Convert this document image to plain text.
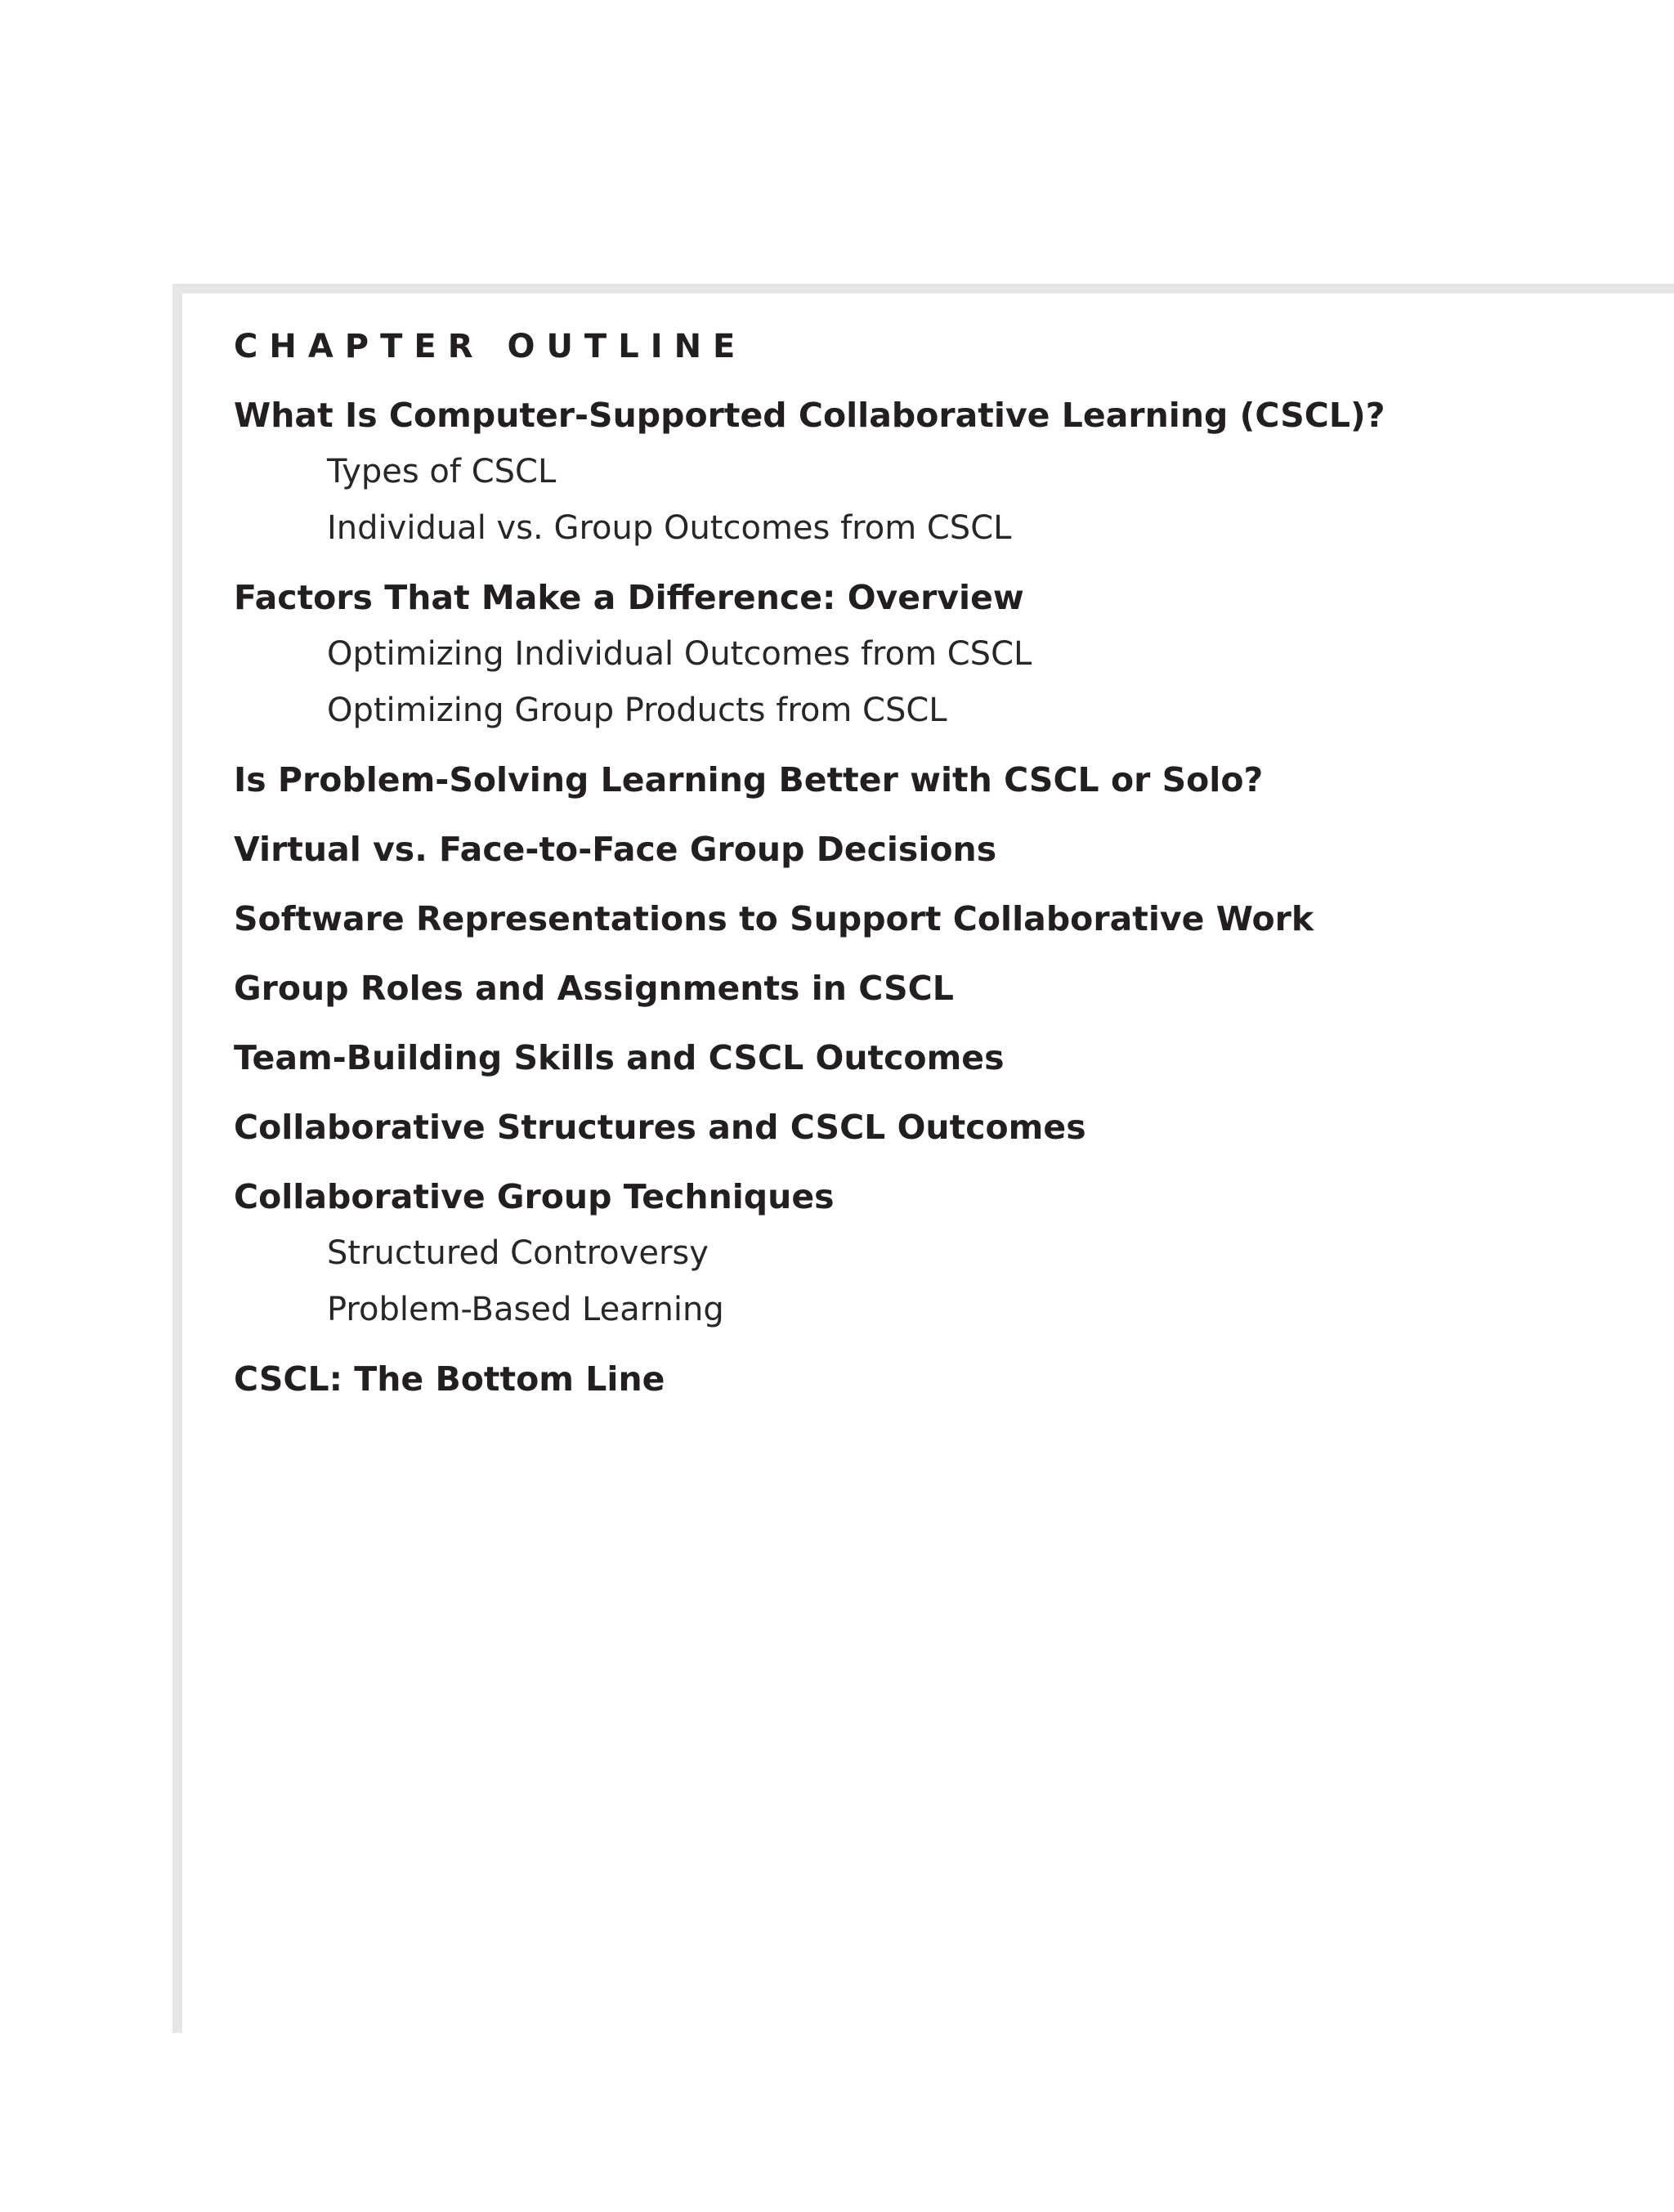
CHAPTER OUTLINE
What Is Computer-Supported Collaborative Learning (CSCL)?
Types of CSCL
Individual vs. Group Outcomes from CSCL
Factors That Make a Difference: Overview
Optimizing Individual Outcomes from CSCL
Optimizing Group Products from CSCL
Is Problem-Solving Learning Better with CSCL or Solo?
Virtual vs. Face-to-Face Group Decisions
Software Representations to Support Collaborative Work
Group Roles and Assignments in CSCL
Team-Building Skills and CSCL Outcomes
Collaborative Structures and CSCL Outcomes
Collaborative Group Techniques
Structured Controversy
Problem-Based Learning
CSCL: The Bottom Line
